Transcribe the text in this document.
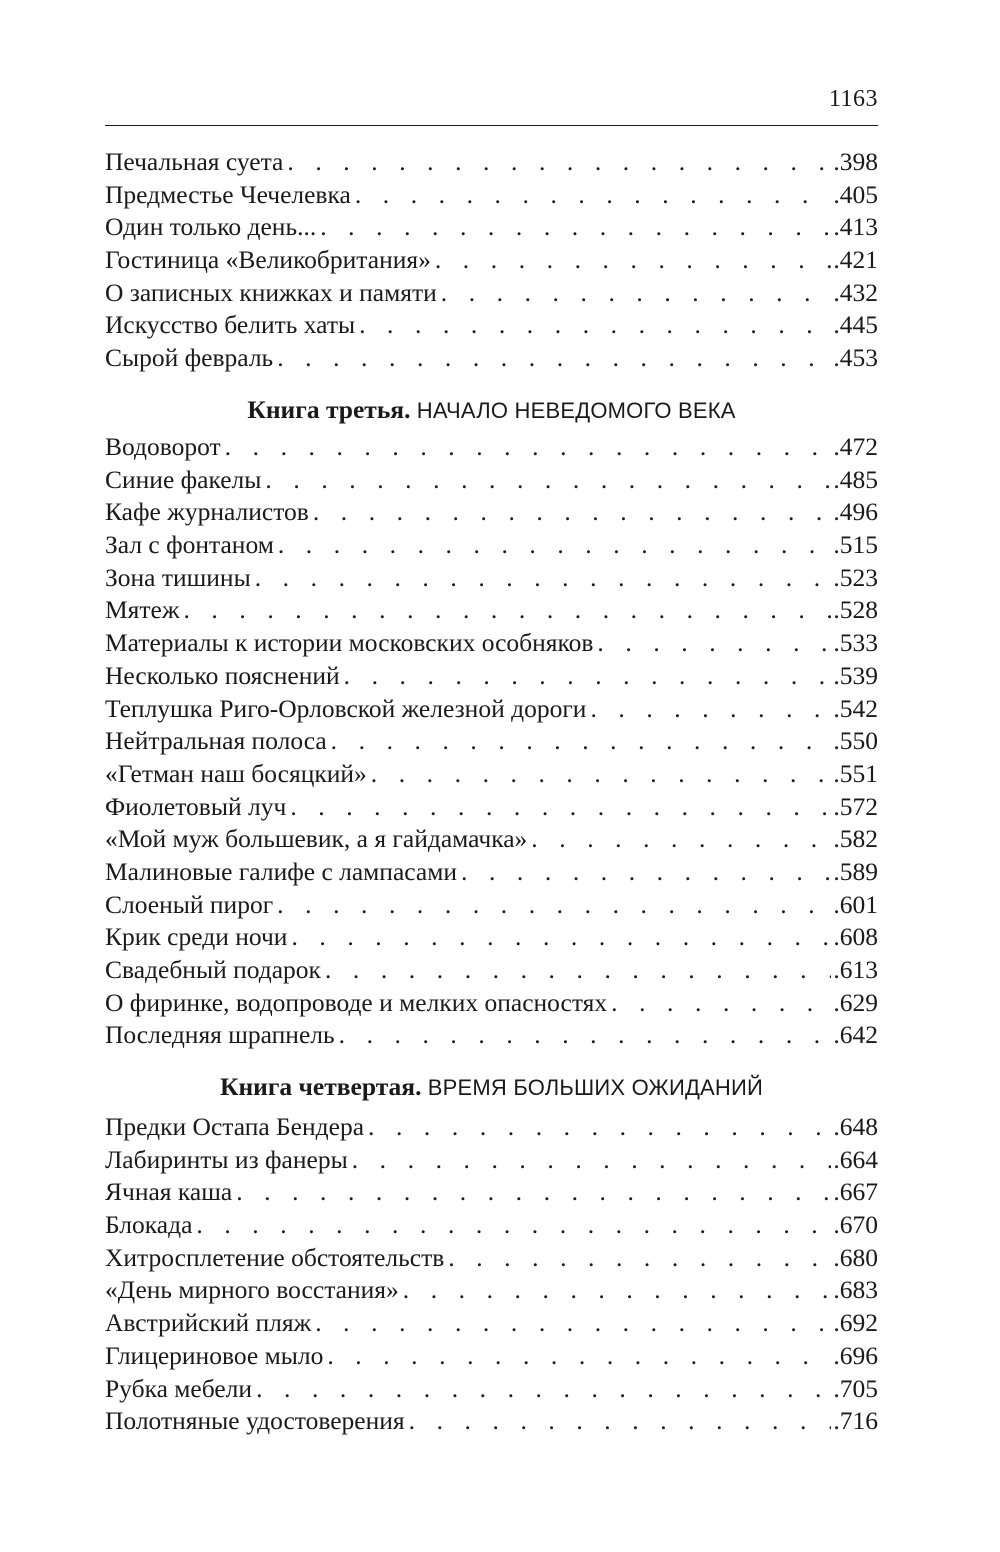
1163
Печальная суета . . .	.398
Предместье Чечелевка . . .	.405
Один только день... . . .	.413
Гостиница «Великобритания» . . .	.421
О записных книжках и памяти . . .	.432
Искусство белить хаты . . .	.445
Сырой февраль . . .	.453
Книга третья. НАЧАЛО НЕВЕДОМОГО ВЕКА
Водоворот . . .	.472
Синие факелы . . .	.485
Кафе журналистов . . .	.496
Зал с фонтаном . . .	.515
Зона тишины . . .	.523
Мятеж . . .	.528
Материалы к истории московских особняков . . .	.533
Несколько пояснений . . .	.539
Теплушка Риго-Орловской железной дороги . . .	.542
Нейтральная полоса . . .	.550
«Гетман наш босяцкий» . . .	.551
Фиолетовый луч . . .	.572
«Мой муж большевик, а я гайдамачка» . . .	.582
Малиновые галифе с лампасами . . .	.589
Слоеный пирог . . .	.601
Крик среди ночи . . .	.608
Свадебный подарок . . .	.613
О фиринке, водопроводе и мелких опасностях . . .	.629
Последняя шрапнель . . .	.642
Книга четвертая. ВРЕМЯ БОЛЬШИХ ОЖИДАНИЙ
Предки Остапа Бендера . . .	.648
Лабиринты из фанеры . . .	.664
Ячная каша . . .	.667
Блокада . . .	.670
Хитросплетение обстоятельств . . .	.680
«День мирного восстания» . . .	.683
Австрийский пляж . . .	.692
Глицериновое мыло . . .	.696
Рубка мебели . . .	.705
Полотняные удостоверения . . .	.716
